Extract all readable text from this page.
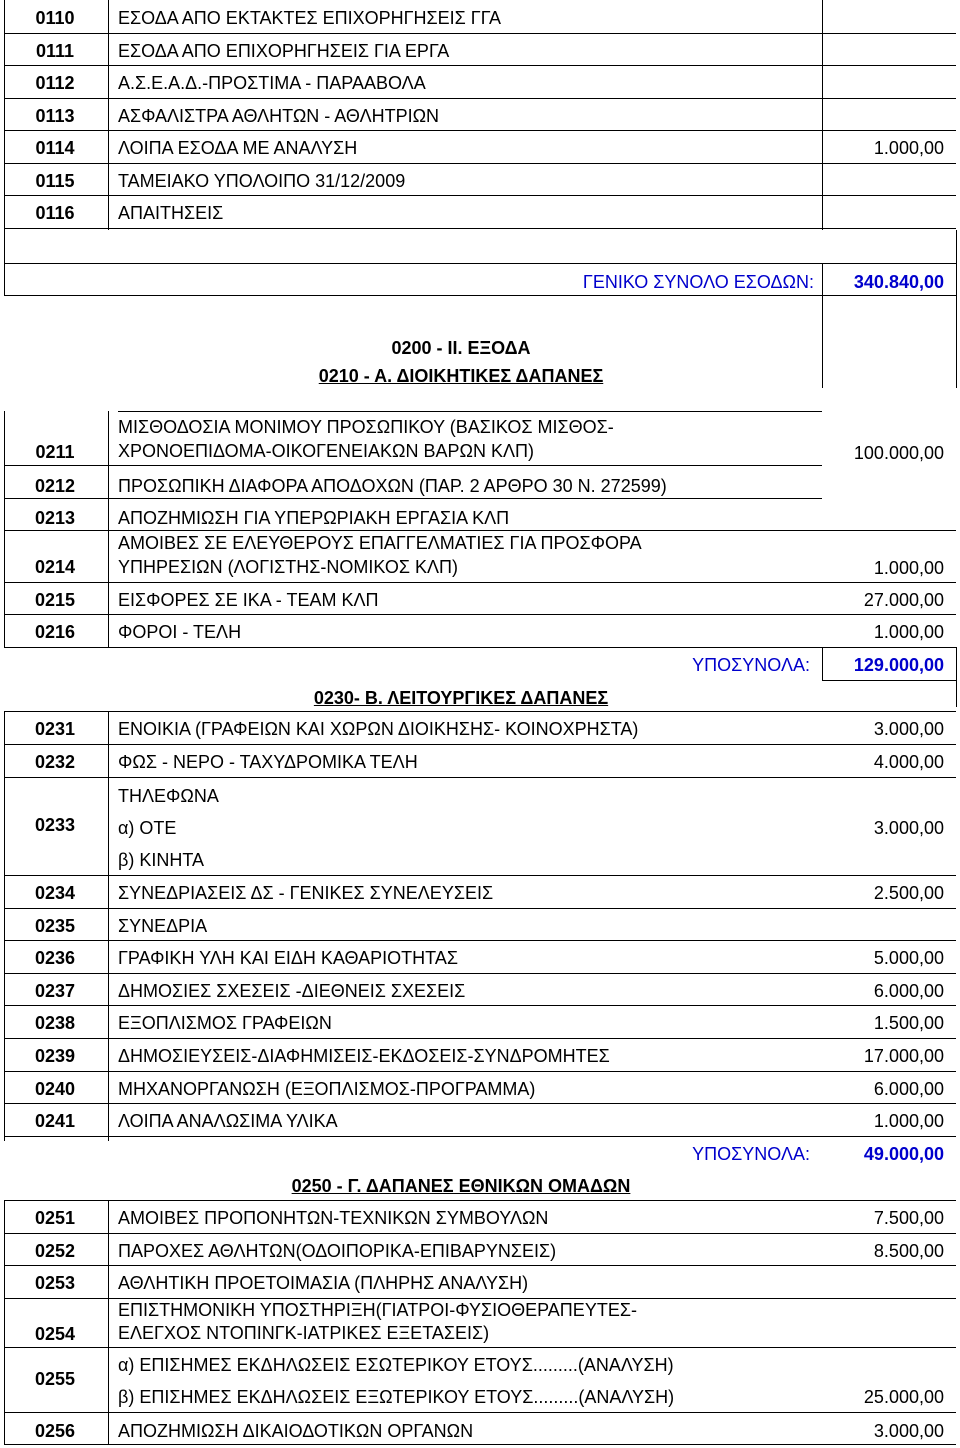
0110	ΕΣΟΔΑ ΑΠΟ ΕΚΤΑΚΤΕΣ ΕΠΙΧΟΡΗΓΗΣΕΙΣ ΓΓΑ
0111	ΕΣΟΔΑ ΑΠΟ ΕΠΙΧΟΡΗΓΗΣΕΙΣ ΓΙΑ ΕΡΓΑ
0112	Α.Σ.Ε.Α.Δ.-ΠΡΟΣΤΙΜΑ - ΠΑΡΑΑΒΟΛΑ
0113	ΑΣΦΑΛΙΣΤΡΑ ΑΘΛΗΤΩΝ - ΑΘΛΗΤΡΙΩΝ
0114	ΛΟΙΠΑ ΕΣΟΔΑ ΜΕ ΑΝΑΛΥΣΗ	1.000,00
0115	ΤΑΜΕΙΑΚΟ ΥΠΟΛΟΙΠΟ 31/12/2009
0116	ΑΠΑΙΤΗΣΕΙΣ
ΓΕΝΙΚΟ ΣΥΝΟΛΟ ΕΣΟΔΩΝ: 340.840,00
0200 - ΙΙ. ΕΞΟΔΑ
0210 - Α. ΔΙΟΙΚΗΤΙΚΕΣ ΔΑΠΑΝΕΣ
0211
ΜΙΣΘΟΔΟΣΙΑ ΜΟΝΙΜΟΥ ΠΡΟΣΩΠΙΚΟΥ (ΒΑΣΙΚΟΣ ΜΙΣΘΟΣ-
ΧΡΟΝΟΕΠΙΔΟΜΑ-ΟΙΚΟΓΕΝΕΙΑΚΩΝ ΒΑΡΩΝ ΚΛΠ)	100.000,00
0212	ΠΡΟΣΩΠΙΚΗ ΔΙΑΦΟΡΑ ΑΠΟΔΟΧΩΝ (ΠΑΡ. 2 ΑΡΘΡΟ 30 Ν. 272599)
0213	ΑΠΟΖΗΜΙΩΣΗ ΓΙΑ ΥΠΕΡΩΡΙΑΚΗ ΕΡΓΑΣΙΑ ΚΛΠ
0214
ΑΜΟΙΒΕΣ ΣΕ ΕΛΕΥΘΕΡΟΥΣ ΕΠΑΓΓΕΛΜΑΤΙΕΣ ΓΙΑ ΠΡΟΣΦΟΡΑ
ΥΠΗΡΕΣΙΩΝ (ΛΟΓΙΣΤΗΣ-ΝΟΜΙΚΟΣ ΚΛΠ)	1.000,00
0215	ΕΙΣΦΟΡΕΣ ΣΕ ΙΚΑ - ΤΕΑΜ ΚΛΠ	27.000,00
0216	ΦΟΡΟΙ - ΤΕΛΗ	1.000,00
ΥΠΟΣΥΝΟΛΑ: 129.000,00
0230- Β. ΛΕΙΤΟΥΡΓΙΚΕΣ ΔΑΠΑΝΕΣ
0231	ΕΝΟΙΚΙΑ (ΓΡΑΦΕΙΩΝ ΚΑΙ ΧΩΡΩΝ ΔΙΟΙΚΗΣΗΣ- ΚΟΙΝΟΧΡΗΣΤΑ)	3.000,00
0232	ΦΩΣ - ΝΕΡΟ - ΤΑΧΥΔΡΟΜΙΚΑ ΤΕΛΗ	4.000,00
0233
ΤΗΛΕΦΩΝΑ
α) ΟΤΕ	3.000,00
β) ΚΙΝΗΤΑ
0234	ΣΥΝΕΔΡΙΑΣΕΙΣ ΔΣ - ΓΕΝΙΚΕΣ ΣΥΝΕΛΕΥΣΕΙΣ	2.500,00
0235	ΣΥΝΕΔΡΙΑ
0236	ΓΡΑΦΙΚΗ ΥΛΗ ΚΑΙ ΕΙΔΗ ΚΑΘΑΡΙΟΤΗΤΑΣ	5.000,00
0237	ΔΗΜΟΣΙΕΣ ΣΧΕΣΕΙΣ -ΔΙΕΘΝΕΙΣ ΣΧΕΣΕΙΣ	6.000,00
0238	ΕΞΟΠΛΙΣΜΟΣ ΓΡΑΦΕΙΩΝ	1.500,00
0239	ΔΗΜΟΣΙΕΥΣΕΙΣ-ΔΙΑΦΗΜΙΣΕΙΣ-ΕΚΔΟΣΕΙΣ-ΣΥΝΔΡΟΜΗΤΕΣ	17.000,00
0240	ΜΗΧΑΝΟΡΓΑΝΩΣΗ (ΕΞΟΠΛΙΣΜΟΣ-ΠΡΟΓΡΑΜΜΑ)	6.000,00
0241	ΛΟΙΠΑ ΑΝΑΛΩΣΙΜΑ ΥΛΙΚΑ	1.000,00
ΥΠΟΣΥΝΟΛΑ:	49.000,00
0250 - Γ. ΔΑΠΑΝΕΣ ΕΘΝΙΚΩΝ ΟΜΑΔΩΝ
0251	ΑΜΟΙΒΕΣ ΠΡΟΠΟΝΗΤΩΝ-ΤΕΧΝΙΚΩΝ ΣΥΜΒΟΥΛΩΝ	7.500,00
0252	ΠΑΡΟΧΕΣ ΑΘΛΗΤΩΝ(ΟΔΟΙΠΟΡΙΚΑ-ΕΠΙΒΑΡΥΝΣΕΙΣ)	8.500,00
0253	ΑΘΛΗΤΙΚΗ ΠΡΟΕΤΟΙΜΑΣΙΑ (ΠΛΗΡΗΣ ΑΝΑΛΥΣΗ)
0254
ΕΠΙΣΤΗΜΟΝΙΚΗ ΥΠΟΣΤΗΡΙΞΗ(ΓΙΑΤΡΟΙ-ΦΥΣΙΟΘΕΡΑΠΕΥΤΕΣ-
ΕΛΕΓΧΟΣ ΝΤΟΠΙΝΓΚ-ΙΑΤΡΙΚΕΣ ΕΞΕΤΑΣΕΙΣ)
0255
α) ΕΠΙΣΗΜΕΣ ΕΚΔΗΛΩΣΕΙΣ ΕΣΩΤΕΡΙΚΟΥ ΕΤΟΥΣ.........(ΑΝΑΛΥΣΗ)
β) ΕΠΙΣΗΜΕΣ ΕΚΔΗΛΩΣΕΙΣ ΕΞΩΤΕΡΙΚΟΥ ΕΤΟΥΣ.........(ΑΝΑΛΥΣΗ)	25.000,00
0256	ΑΠΟΖΗΜΙΩΣΗ ΔΙΚΑΙΟΔΟΤΙΚΩΝ ΟΡΓΑΝΩΝ	3.000,00
